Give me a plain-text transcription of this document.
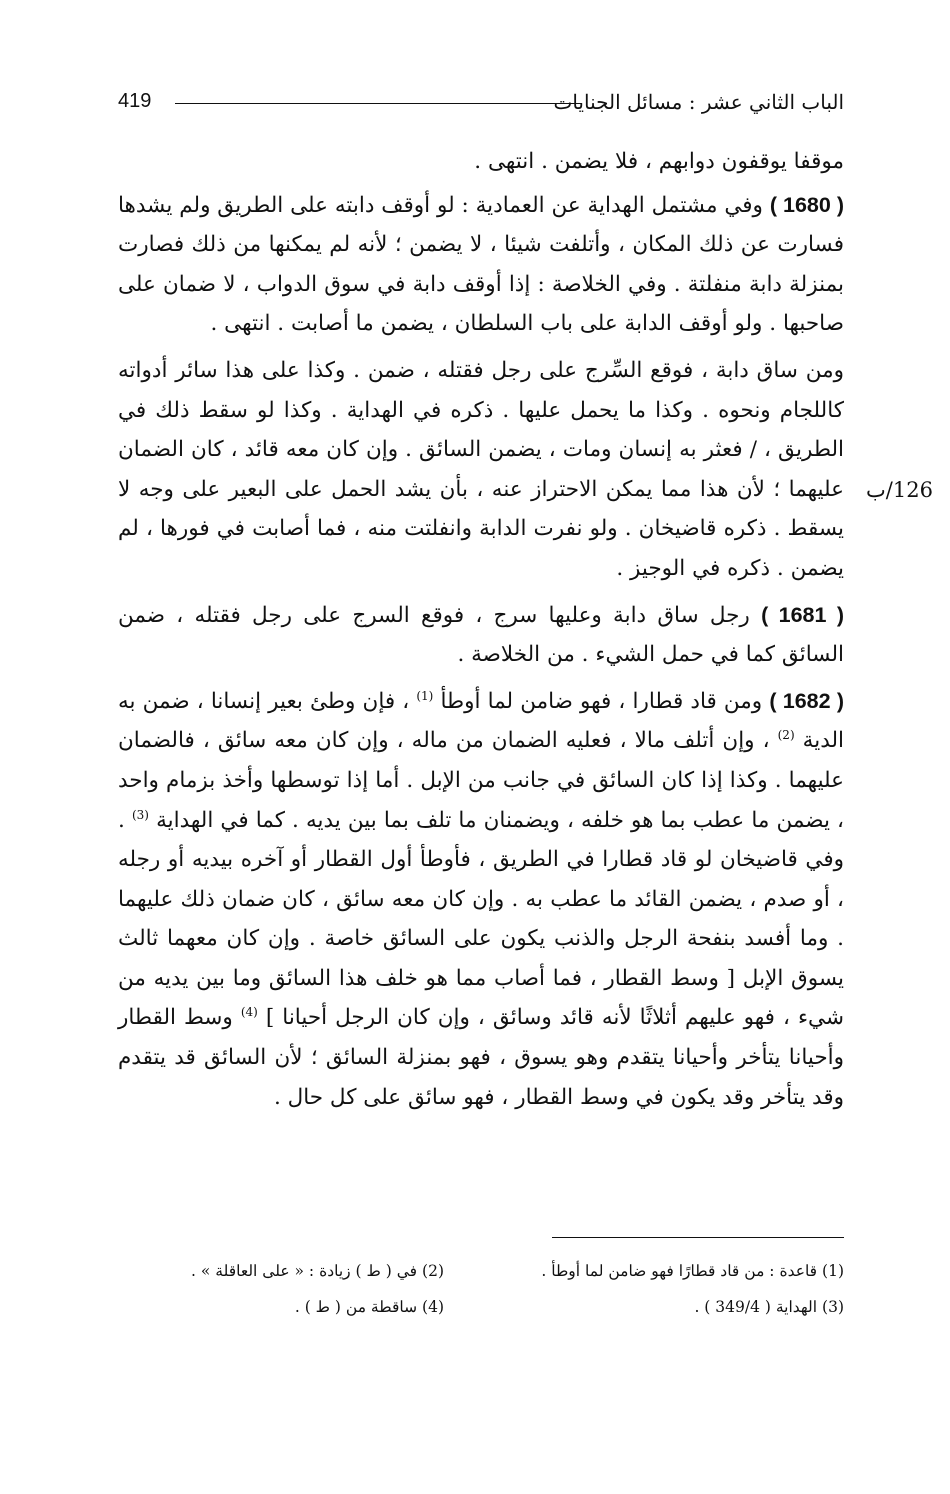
الباب الثاني عشر : مسائل الجنايات
419
126/ب

موقفا يوقفون دوابهم ، فلا يضمن . انتهى .

( 1680 ) وفي مشتمل الهداية عن العمادية : لو أوقف دابته على الطريق ولم يشدها فسارت عن ذلك المكان ، وأتلفت شيئا ، لا يضمن ؛ لأنه لم يمكنها من ذلك فصارت بمنزلة دابة منفلتة . وفي الخلاصة : إذا أوقف دابة في سوق الدواب ، لا ضمان على صاحبها . ولو أوقف الدابة على باب السلطان ، يضمن ما أصابت . انتهى .

ومن ساق دابة ، فوقع السِّرج على رجل فقتله ، ضمن . وكذا على هذا سائر أدواته كاللجام ونحوه . وكذا ما يحمل عليها . ذكره في الهداية . وكذا لو سقط ذلك في الطريق ، / فعثر به إنسان ومات ، يضمن السائق . وإن كان معه قائد ، كان الضمان عليهما ؛ لأن هذا مما يمكن الاحتراز عنه ، بأن يشد الحمل على البعير على وجه لا يسقط . ذكره قاضيخان . ولو نفرت الدابة وانفلتت منه ، فما أصابت في فورها ، لم يضمن . ذكره في الوجيز .

( 1681 ) رجل ساق دابة وعليها سرج ، فوقع السرج على رجل فقتله ، ضمن السائق كما في حمل الشيء . من الخلاصة .

( 1682 ) ومن قاد قطارا ، فهو ضامن لما أوطأ $^{(1)}$ ، فإن وطئ بعير إنسانا ، ضمن به الدية $^{(2)}$ ، وإن أتلف مالا ، فعليه الضمان من ماله ، وإن كان معه سائق ، فالضمان عليهما . وكذا إذا كان السائق في جانب من الإبل . أما إذا توسطها وأخذ بزمام واحد ، يضمن ما عطب بما هو خلفه ، ويضمنان ما تلف بما بين يديه . كما في الهداية $^{(3)}$ . وفي قاضيخان لو قاد قطارا في الطريق ، فأوطأ أول القطار أو آخره بيديه أو رجله ، أو صدم ، يضمن القائد ما عطب به . وإن كان معه سائق ، كان ضمان ذلك عليهما . وما أفسد بنفحة الرجل والذنب يكون على السائق خاصة . وإن كان معهما ثالث يسوق الإبل [ وسط القطار ، فما أصاب مما هو خلف هذا السائق وما بين يديه من شيء ، فهو عليهم أثلاثًا لأنه قائد وسائق ، وإن كان الرجل أحيانا ] $^{(4)}$ وسط القطار وأحيانا يتأخر وأحيانا يتقدم وهو يسوق ، فهو بمنزلة السائق ؛ لأن السائق قد يتقدم وقد يتأخر وقد يكون في وسط القطار ، فهو سائق على كل حال .

(1) قاعدة : من قاد قطارًا فهو ضامن لما أوطأ .
(2) في ( ط ) زيادة : « على العاقلة » .
(3) الهداية ( 349/4 ) .
(4) ساقطة من ( ط ) .
